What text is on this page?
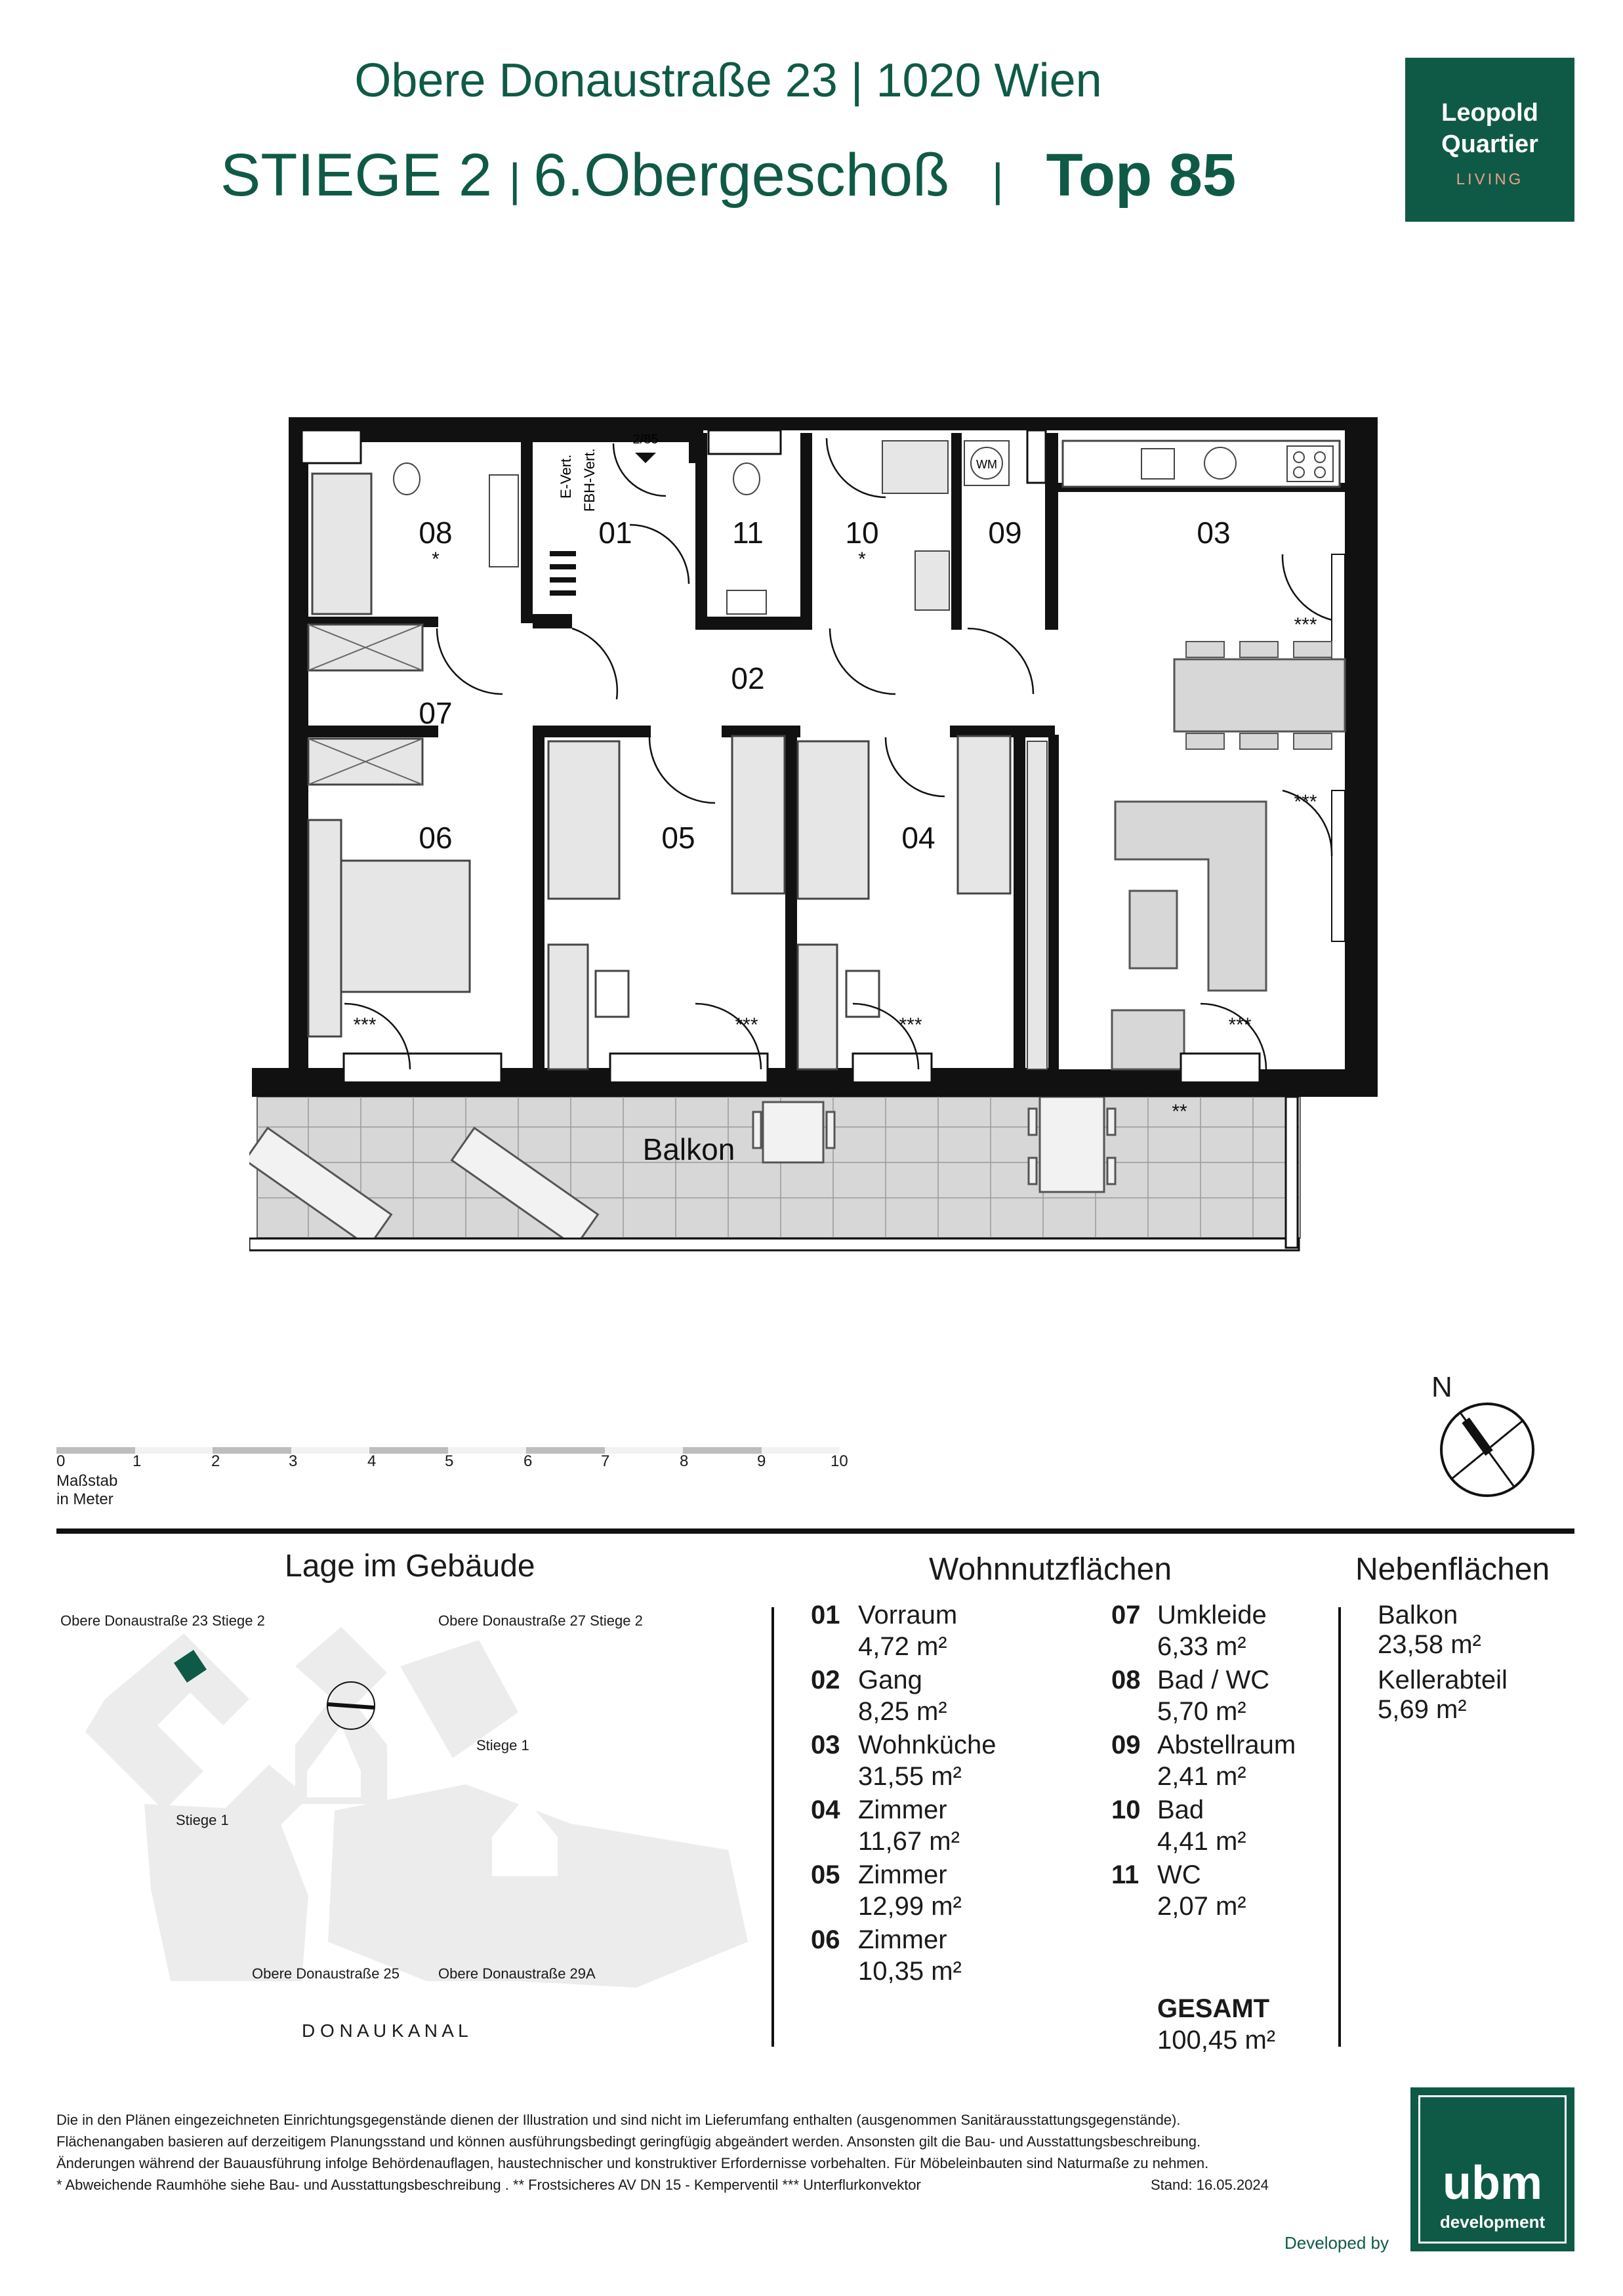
Obere Donaustraße 23 | 1020 Wien
STIEGE 2 | 6.Obergeschoß   |   Top 85
Leopold
Quartier
LIVING
WM
2/85
E-Vert. FBH-Vert.
01
02
03
04
05
06
07
08	09
10
11
Balkon
*	*
***
***
***	***	***	***
**
N
0	1	2	3	4	5	6	7	8	9	10
Maßstab in Meter
Lage im Gebäude
Obere Donaustraße 23 Stiege 2	Obere Donaustraße 27 Stiege 2
Stiege 1
Stiege 1
Obere Donaustraße 25	Obere Donaustraße 29A
D O N A U K A N A L
Wohnnutzflächen
01 Vorraum
4,72 m²
02 Gang
8,25 m²
03 Wohnküche
31,55 m²
04 Zimmer
11,67 m²
05 Zimmer
12,99 m²
06 Zimmer
10,35 m²
07 Umkleide
6,33 m²
08 Bad / WC
5,70 m²
09 Abstellraum
2,41 m²
10 Bad
4,41 m²
11 WC
2,07 m²
GESAMT
100,45 m²
Nebenflächen
Balkon
23,58 m²
Kellerabteil
5,69 m²
Die in den Plänen eingezeichneten Einrichtungsgegenstände dienen der Illustration und sind nicht im Lieferumfang enthalten (ausgenommen Sanitärausstattungsgegenstände).
Flächenangaben basieren auf derzeitigem Planungsstand und können ausführungsbedingt geringfügig abgeändert werden. Ansonsten gilt die Bau- und Ausstattungsbeschreibung.
Änderungen während der Bauausführung infolge Behördenauflagen, haustechnischer und konstruktiver Erfordernisse vorbehalten. Für Möbeleinbauten sind Naturmaße zu nehmen.
* Abweichende Raumhöhe siehe Bau- und Ausstattungsbeschreibung . ** Frostsicheres AV DN 15 - Kemperventil *** Unterflurkonvektor	Stand: 16.05.2024
Developed by
ubm
development
